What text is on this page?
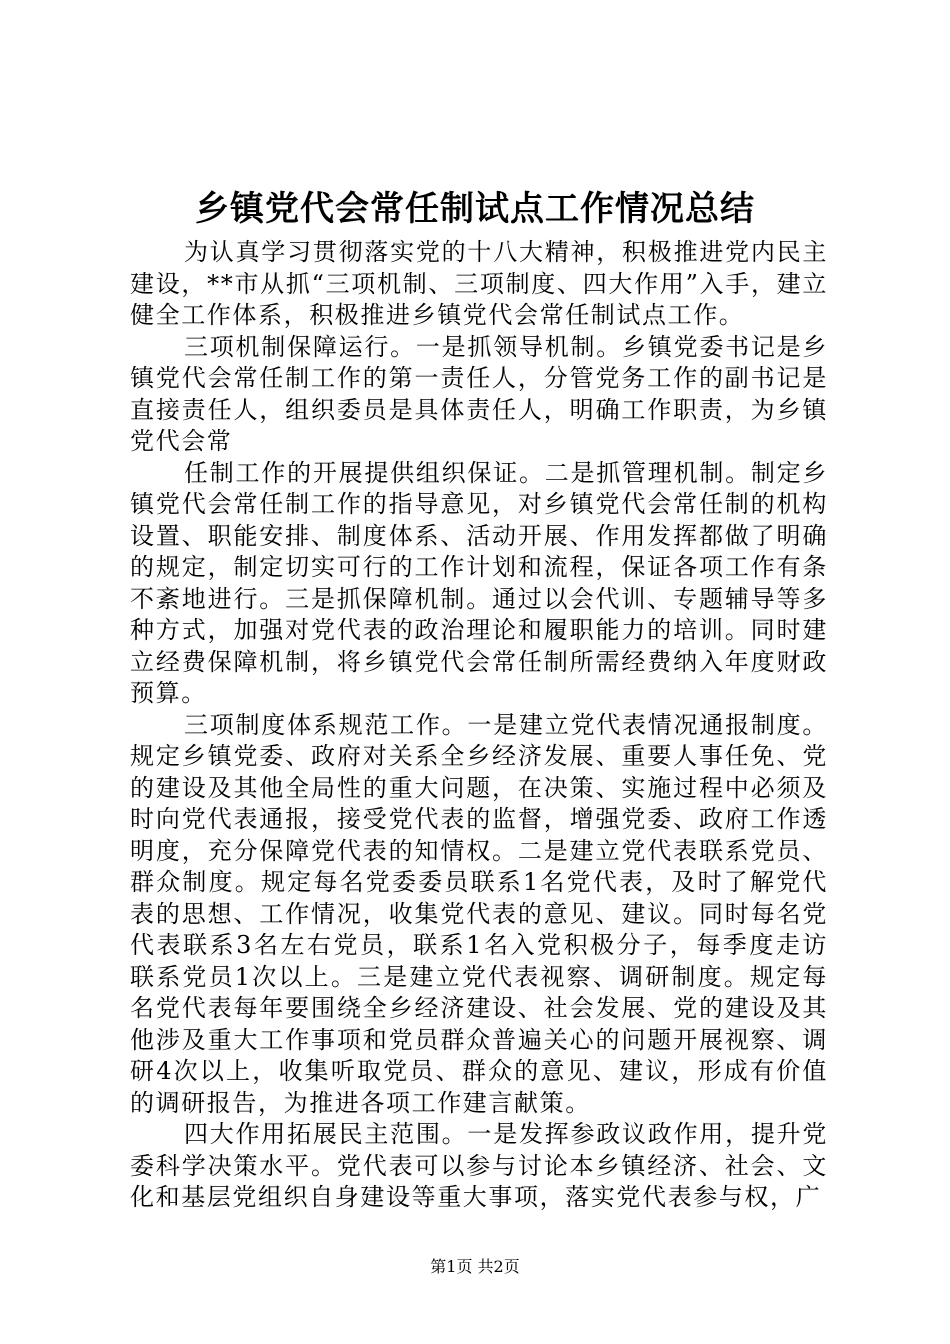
乡镇党代会常任制试点工作情况总结

为认真学习贯彻落实党的十八大精神，积极推进党内民主建设，**市从抓“三项机制、三项制度、四大作用”入手，建立健全工作体系，积极推进乡镇党代会常任制试点工作。

三项机制保障运行。一是抓领导机制。乡镇党委书记是乡镇党代会常任制工作的第一责任人，分管党务工作的副书记是直接责任人，组织委员是具体责任人，明确工作职责，为乡镇党代会常

任制工作的开展提供组织保证。二是抓管理机制。制定乡镇党代会常任制工作的指导意见，对乡镇党代会常任制的机构设置、职能安排、制度体系、活动开展、作用发挥都做了明确的规定，制定切实可行的工作计划和流程，保证各项工作有条不紊地进行。三是抓保障机制。通过以会代训、专题辅导等多种方式，加强对党代表的政治理论和履职能力的培训。同时建立经费保障机制，将乡镇党代会常任制所需经费纳入年度财政预算。

三项制度体系规范工作。一是建立党代表情况通报制度。规定乡镇党委、政府对关系全乡经济发展、重要人事任免、党的建设及其他全局性的重大问题，在决策、实施过程中必须及时向党代表通报，接受党代表的监督，增强党委、政府工作透明度，充分保障党代表的知情权。二是建立党代表联系党员、群众制度。规定每名党委委员联系1名党代表，及时了解党代表的思想、工作情况，收集党代表的意见、建议。同时每名党代表联系3名左右党员，联系1名入党积极分子，每季度走访联系党员1次以上。三是建立党代表视察、调研制度。规定每名党代表每年要围绕全乡经济建设、社会发展、党的建设及其他涉及重大工作事项和党员群众普遍关心的问题开展视察、调研4次以上，收集听取党员、群众的意见、建议，形成有价值的调研报告，为推进各项工作建言献策。

四大作用拓展民主范围。一是发挥参政议政作用，提升党委科学决策水平。党代表可以参与讨论本乡镇经济、社会、文化和基层党组织自身建设等重大事项，落实党代表参与权，广

第1页 共2页
